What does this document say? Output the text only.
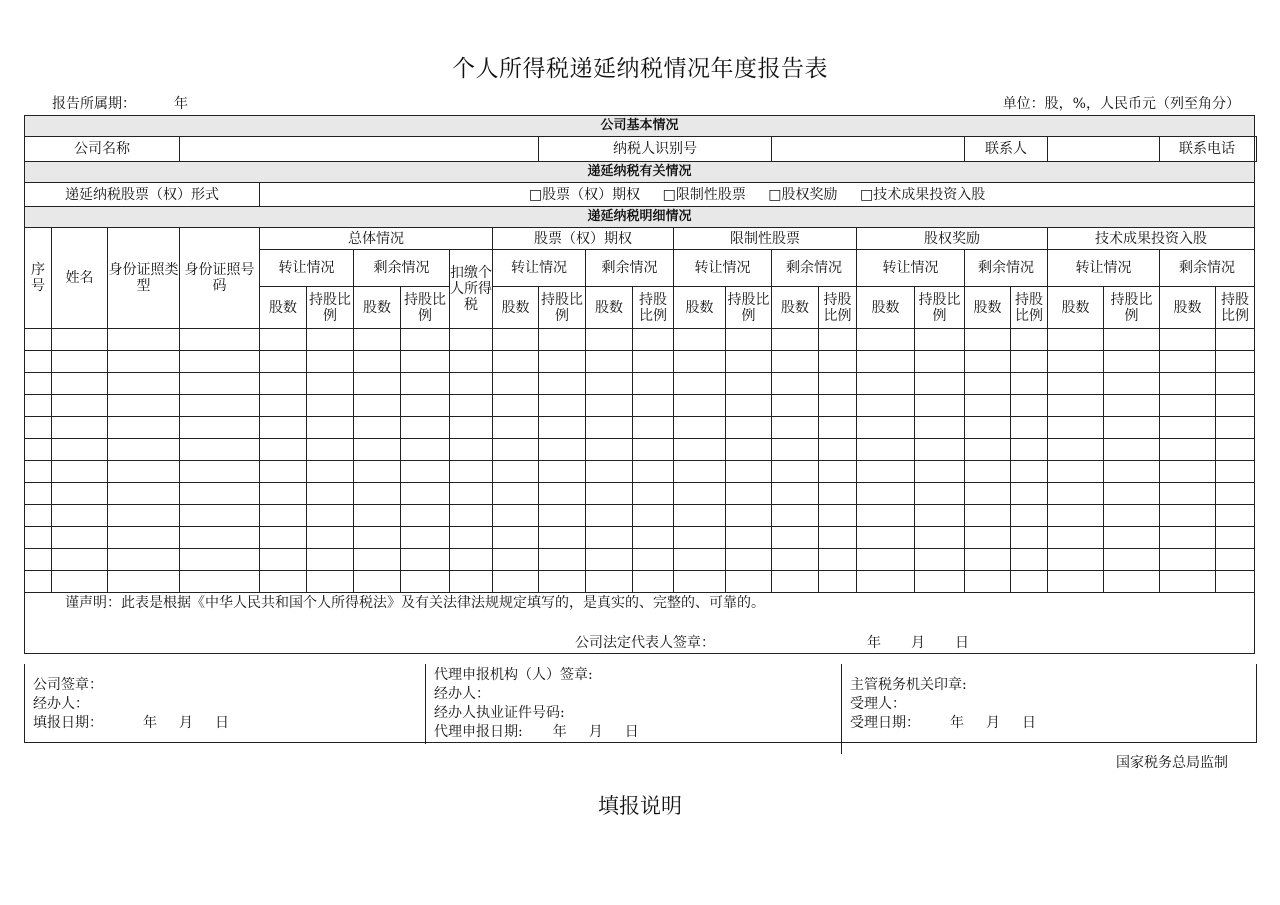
个人所得税递延纳税情况年度报告表
报告所属期：	年	单位：股，%，人民币元（列至角分）
公司基本情况																									
公司名称										纳税人识别号									联系人				联系电话		
递延纳税有关情况																									
递延纳税股票（权）形式				□股票（权）期权 □限制性股票 □股权奖励 □技术成果投资入股																					
递延纳税明细情况																									
序号	姓名	身份证照类型	身份证照号码	总体情况					股票（权）期权				限制性股票				股权奖励				技术成果投资入股				
				转让情况		剩余情况		扣缴个人所得税	转让情况		剩余情况		转让情况		剩余情况		转让情况		剩余情况		转让情况		剩余情况		
				股数	持股比例	股数	持股比例		股数	持股比例	股数	持股比例	股数	持股比例	股数	持股比例	股数	持股比例	股数	持股比例	股数	持股比例	股数	持股比例	

谨声明：此表是根据《中华人民共和国个人所得税法》及有关法律法规规定填写的，是真实的、完整的、可靠的。
公司法定代表人签章： 年 月 日																									
公司签章：
经办人：
填报日期：	年 月 日
代理申报机构（人）签章:
经办人：
经办人执业证件号码:
代理申报日期: 年 月 日
主管税务机关印章:
受理人：
受理日期： 年 月 日
国家税务总局监制
填报说明
